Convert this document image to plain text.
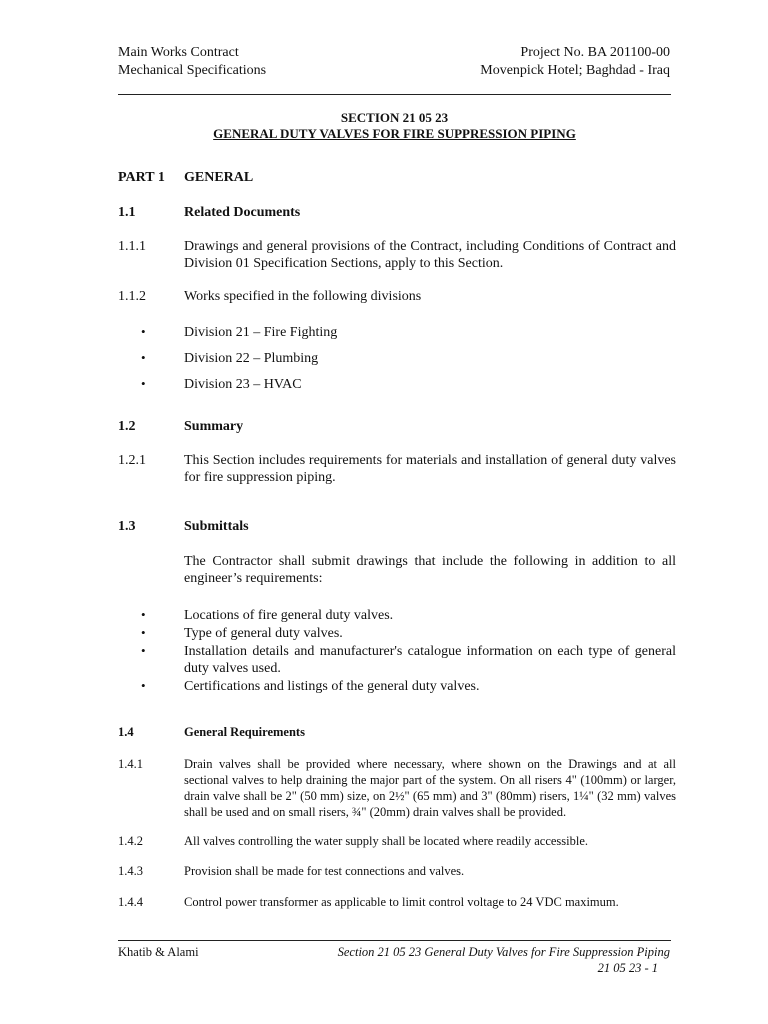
Main Works Contract
Mechanical Specifications
Project No. BA 201100-00
Movenpick Hotel; Baghdad - Iraq
SECTION 21 05 23
GENERAL DUTY VALVES FOR FIRE SUPPRESSION PIPING
PART 1 GENERAL
1.1	Related Documents
1.1.1	Drawings and general provisions of the Contract, including Conditions of Contract and Division 01 Specification Sections, apply to this Section.
1.1.2	Works specified in the following divisions
•	Division 21 – Fire Fighting
•	Division 22 – Plumbing
•	Division 23 – HVAC
1.2	Summary
1.2.1	This Section includes requirements for materials and installation of general duty valves for fire suppression piping.
1.3	Submittals
The Contractor shall submit drawings that include the following in addition to all engineer’s requirements:
•	Locations of fire general duty valves.
•	Type of general duty valves.
•	Installation details and manufacturer's catalogue information on each type of general duty valves used.
•	Certifications and listings of the general duty valves.
1.4	General Requirements
1.4.1	Drain valves shall be provided where necessary, where shown on the Drawings and at all sectional valves to help draining the major part of the system. On all risers 4" (100mm) or larger, drain valve shall be 2" (50 mm) size, on 2½" (65 mm) and 3" (80mm) risers, 1¼" (32 mm) valves shall be used and on small risers, ¾" (20mm) drain valves shall be provided.
1.4.2	All valves controlling the water supply shall be located where readily accessible.
1.4.3	Provision shall be made for test connections and valves.
1.4.4	Control power transformer as applicable to limit control voltage to 24 VDC maximum.
Khatib & Alami	Section 21 05 23 General Duty Valves for Fire Suppression Piping
21 05 23 - 1
